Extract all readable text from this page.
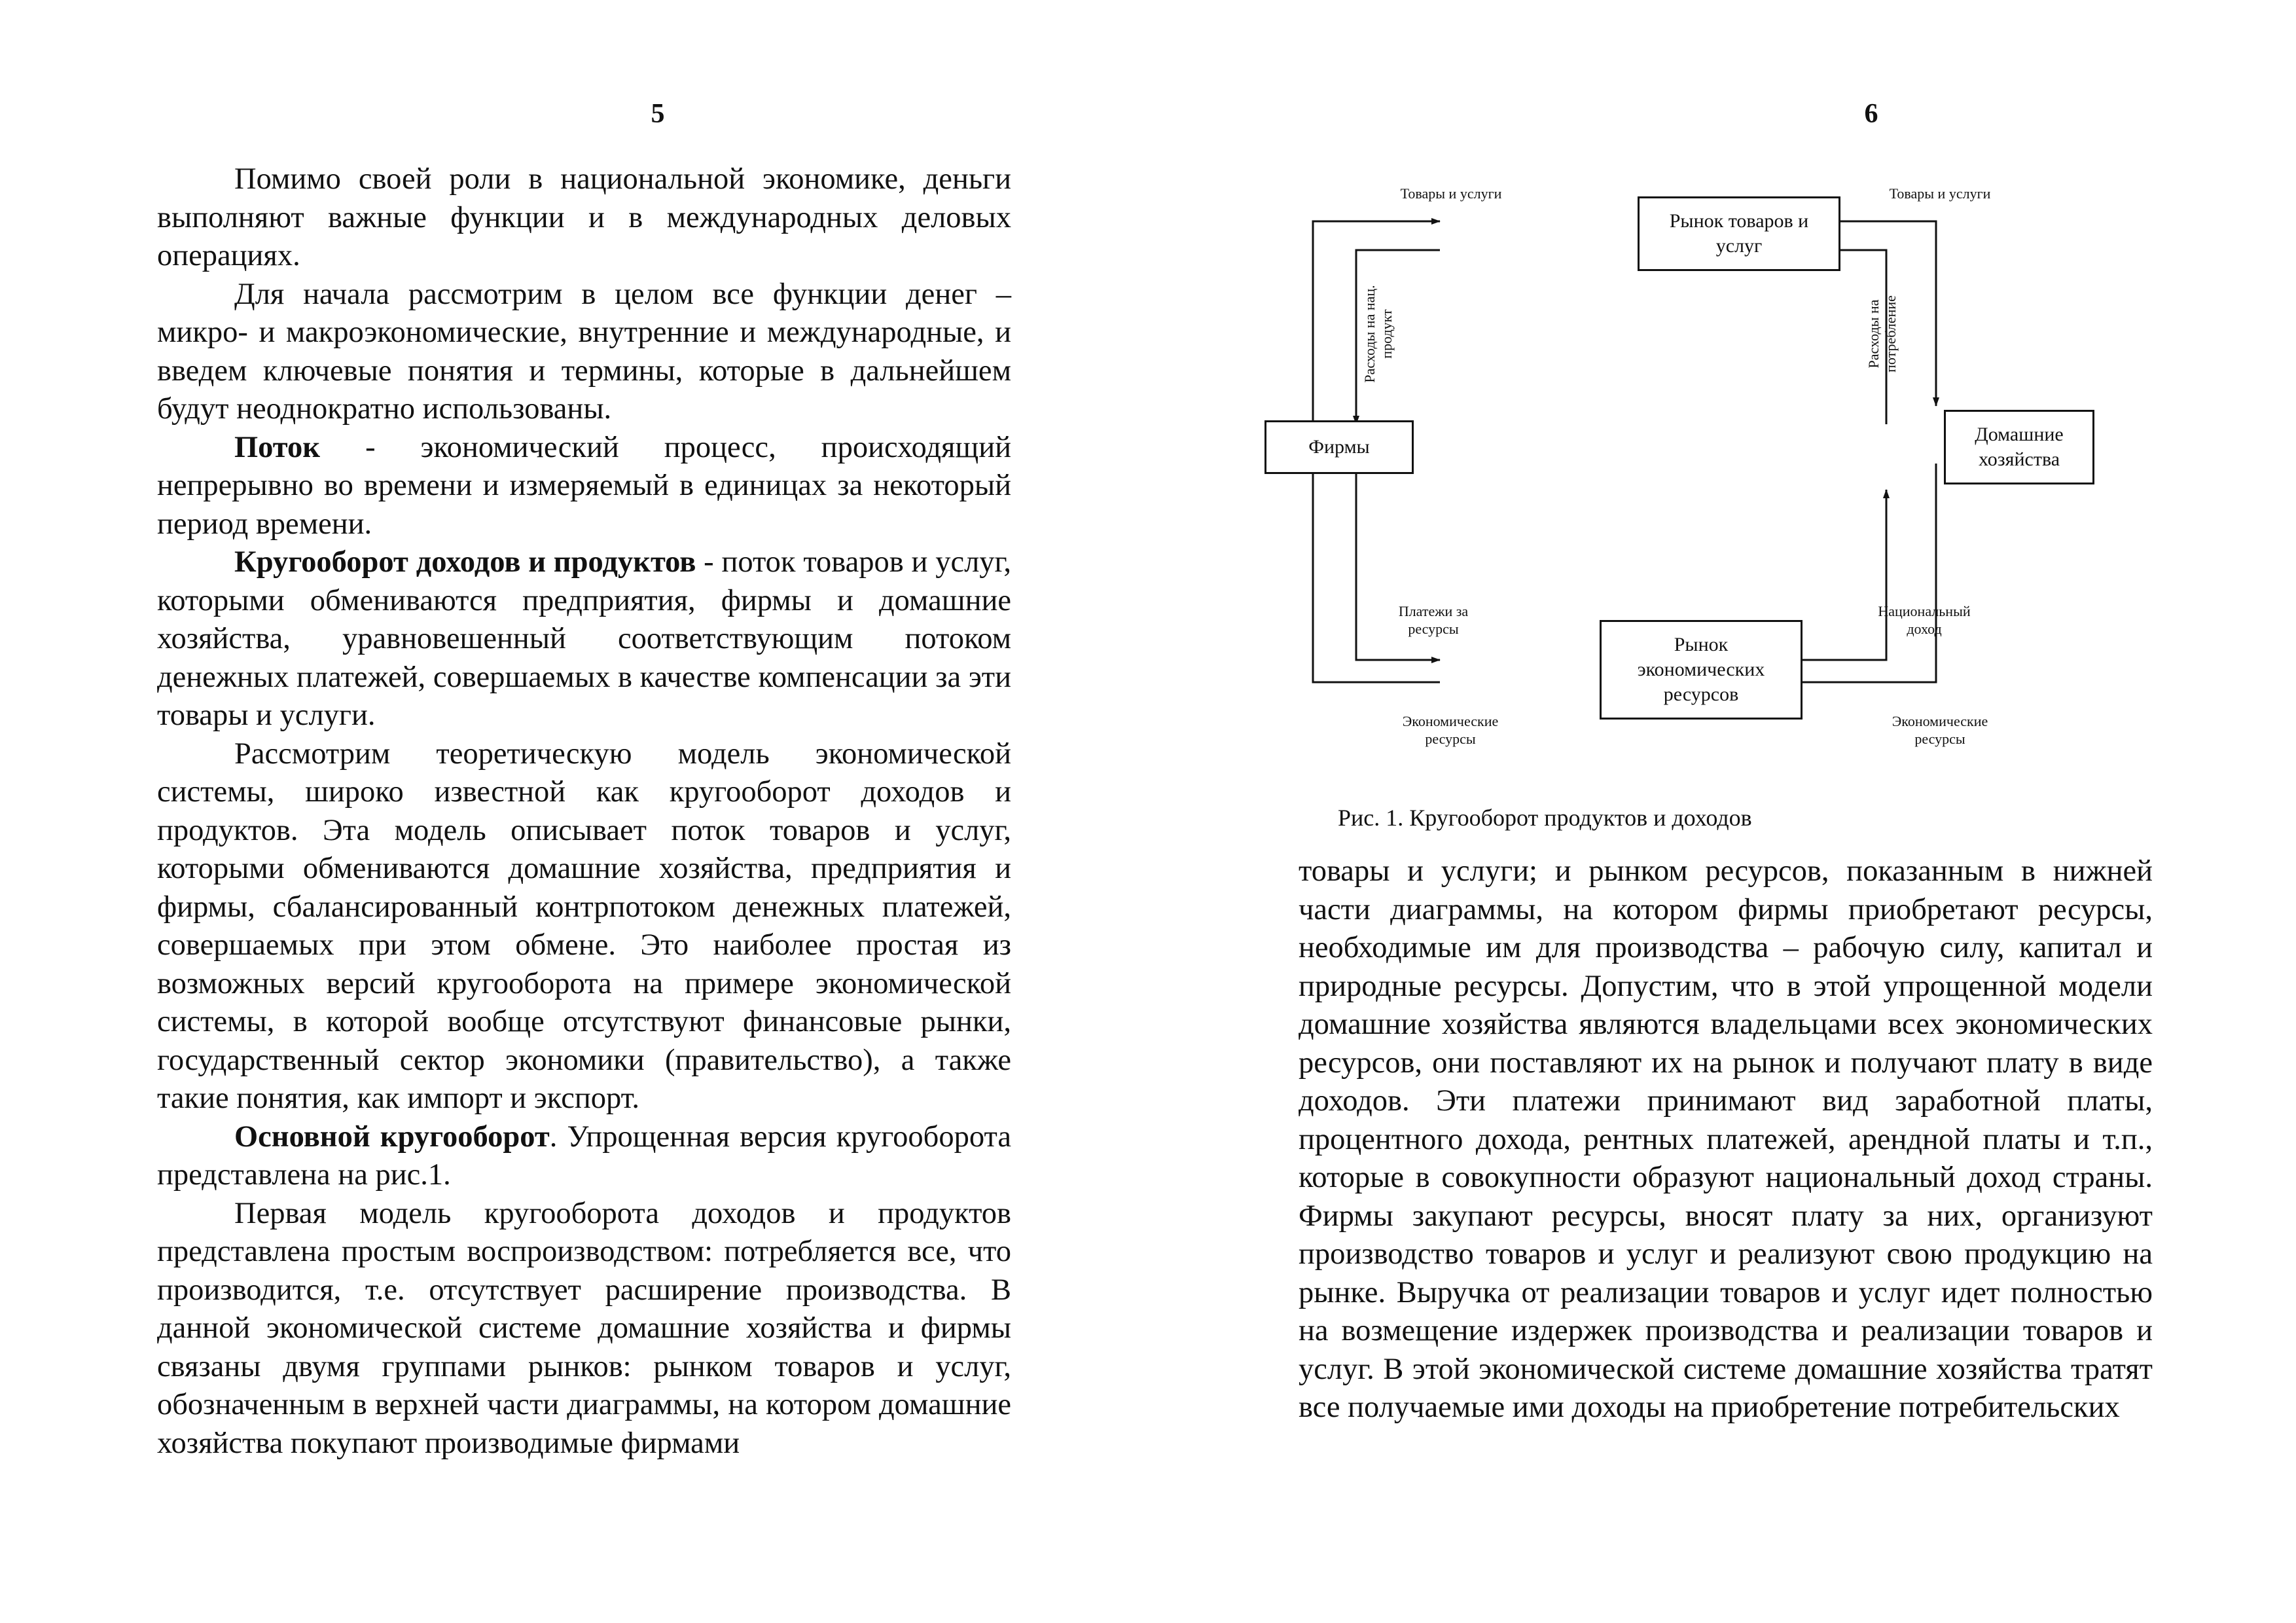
5

Помимо своей роли в национальной экономике, деньги выполняют важные функции и в международных деловых операциях.

Для начала рассмотрим в целом все функции денег – микро- и макроэкономические, внутренние и международные, и введем ключевые понятия и термины, которые в дальнейшем будут неоднократно использованы.

Поток - экономический процесс, происходящий непрерывно во времени и измеряемый в единицах за некоторый период времени.

Кругооборот доходов и продуктов - поток товаров и услуг, которыми обмениваются предприятия, фирмы и домашние хозяйства, уравновешенный соответствующим потоком денежных платежей, совершаемых в качестве компенсации за эти товары и услуги.

Рассмотрим теоретическую модель экономической системы, широко известной как кругооборот доходов и продуктов. Эта модель описывает поток товаров и услуг, которыми обмениваются домашние хозяйства, предприятия и фирмы, сбалансированный контрпотоком денежных платежей, совершаемых при этом обмене. Это наиболее простая из возможных версий кругооборота на примере экономической системы, в которой вообще отсутствуют финансовые рынки, государственный сектор экономики (правительство), а также такие понятия, как импорт и экспорт.

Основной кругооборот. Упрощенная версия кругооборота представлена на рис.1.

Первая модель кругооборота доходов и продуктов представлена простым воспроизводством: потребляется все, что производится, т.е. отсутствует расширение производства. В данной экономической системе домашние хозяйства и фирмы связаны двумя группами рынков: рынком товаров и услуг, обозначенным в верхней части диаграммы, на котором домашние хозяйства покупают производимые фирмами

6
Рынок товаров и услуг
Фирмы
Домашние хозяйства
Рынок экономических ресурсов
Товары и услуги	Товары и услуги
Расходы на нац. продукт	Расходы на потребление
Платежи за ресурсы
Национальный доход
Экономические ресурсы
Экономические ресурсы
Рис. 1. Кругооборот продуктов и доходов

товары и услуги; и рынком ресурсов, показанным в нижней части диаграммы, на котором фирмы приобретают ресурсы, необходимые им для производства – рабочую силу, капитал и природные ресурсы. Допустим, что в этой упрощенной модели домашние хозяйства являются владельцами всех экономических ресурсов, они поставляют их на рынок и получают плату в виде доходов. Эти платежи принимают вид заработной платы, процентного дохода, рентных платежей, арендной платы и т.п., которые в совокупности образуют национальный доход страны. Фирмы закупают ресурсы, вносят плату за них, организуют производство товаров и услуг и реализуют свою продукцию на рынке. Выручка от реализации товаров и услуг идет полностью на возмещение издержек производства и реализации товаров и услуг. В этой экономической системе домашние хозяйства тратят все получаемые ими доходы на приобретение потребительских
